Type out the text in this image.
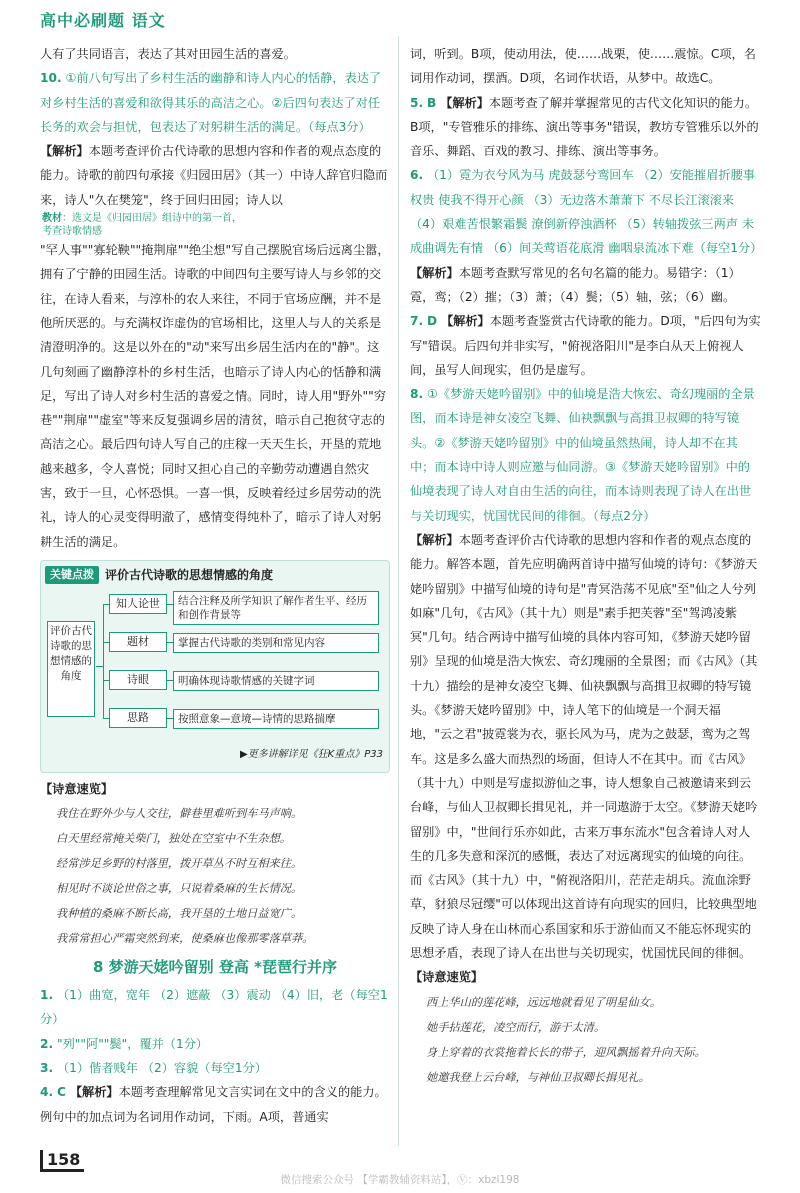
高中必刷题 语文

人有了共同语言，表达了其对田园生活的喜爱。

10. ①前八句写出了乡村生活的幽静和诗人内心的恬静，表达了对乡村生活的喜爱和欲得其乐的高洁之心。②后四句表达了对任长务的欢会与担忧，包表达了对躬耕生活的满足。（每点3分）

【解析】本题考查评价古代诗歌的思想内容和作者的观点态度的能力。诗歌的前四句承接《归园田居》（其一）中诗人辞官归隐而来，诗人"久在樊笼"，终于回归田园；诗人以

教材：选文是《归园田居》组诗中的第一首，考查诗歌情感

"罕人事""寡轮鞅""掩荆扉""绝尘想"写自己摆脱官场后远离尘嚣，拥有了宁静的田园生活。诗歌的中间四句主要写诗人与乡邻的交往，在诗人看来，与淳朴的农人来往，不同于官场应酬，并不是他所厌恶的。与充满权诈虚伪的官场相比，这里人与人的关系是清澄明净的。这是以外在的"动"来写出乡居生活内在的"静"。这几句刻画了幽静淳朴的乡村生活，也暗示了诗人内心的恬静和满足，写出了诗人对乡村生活的喜爱之情。同时，诗人用"野外""穷巷""荆扉""虚室"等来反复强调乡居的清贫，暗示自己抱贫守志的高洁之心。最后四句诗人写自己的庄稼一天天生长，开垦的荒地越来越多，令人喜悦；同时又担心自己的辛勤劳动遭遇自然灾害，致于一旦，心怀恐惧。一喜一惧，反映着经过乡居劳动的洗礼，诗人的心灵变得明澈了，感情变得纯朴了，暗示了诗人对躬耕生活的满足。

关键点拨 评价古代诗歌的思想情感的角度
评价古代诗歌的思想情感的角度
知人论世	结合注释及所学知识了解作者生平、经历和创作背景等
题材	掌握古代诗歌的类别和常见内容
诗眼	明确体现诗歌情感的关键字词
思路	按照意象—意境—诗情的思路揣摩
▶更多讲解详见《狂K重点》P33

【诗意速览】

我住在野外少与人交往，僻巷里难听到车马声响。
白天里经常掩关柴门，独处在空室中不生杂想。
经常涉足乡野的村落里，拨开草丛不时互相来往。
相见时不谈论世俗之事，只说着桑麻的生长情况。
我种植的桑麻不断长高，我开垦的土地日益宽广。
我常常担心严霜突然到来，使桑麻也像那零落草莽。
8 梦游天姥吟留别 登高 *琵琶行并序

1. （1）曲宽，宽年 （2）遮蔽 （3）震动 （4）旧，老（每空1分）

2. "列""阿""鬓"，覆并（1分）

3. （1）偕者贱年 （2）容貌（每空1分）

4. C 【解析】本题考查理解常见文言实词在文中的含义的能力。例句中的加点词为名词用作动词，下雨。A项，普通实

词，听到。B项，使动用法，使……战栗，使……震惊。C项，名词用作动词，摆酒。D项，名词作状语，从梦中。故选C。

5. B 【解析】本题考查了解并掌握常见的古代文化知识的能力。B项，"专管雅乐的排练、演出等事务"错误，教坊专管雅乐以外的音乐、舞蹈、百戏的教习、排练、演出等事务。

6. （1）霓为衣兮风为马 虎鼓瑟兮鸾回车 （2）安能摧眉折腰事权贵 使我不得开心颜 （3）无边落木萧萧下 不尽长江滚滚来 （4）艰难苦恨繁霜鬓 潦倒新停浊酒杯 （5）转轴拨弦三两声 未成曲调先有情 （6）间关莺语花底滑 幽咽泉流冰下难（每空1分）

【解析】本题考查默写常见的名句名篇的能力。易错字：（1）霓，鸾；（2）摧；（3）萧；（4）鬓；（5）轴，弦；（6）幽。

7. D 【解析】本题考查鉴赏古代诗歌的能力。D项，"后四句为实写"错误。后四句并非实写，"俯视洛阳川"是李白从天上俯视人间，虽写人间现实，但仍是虚写。

8. ①《梦游天姥吟留别》中的仙境是浩大恢宏、奇幻瑰丽的全景图，而本诗是神女凌空飞舞、仙袂飘飘与高揖卫叔卿的特写镜头。②《梦游天姥吟留别》中的仙境虽然热闹，诗人却不在其中；而本诗中诗人则应邀与仙同游。③《梦游天姥吟留别》中的仙境表现了诗人对自由生活的向往，而本诗则表现了诗人在出世与关切现实，忧国忧民间的徘徊。（每点2分）

【解析】本题考查评价古代诗歌的思想内容和作者的观点态度的能力。解答本题，首先应明确两首诗中描写仙境的诗句：《梦游天姥吟留别》中描写仙境的诗句是"青冥浩荡不见底"至"仙之人兮列如麻"几句，《古风》（其十九）则是"素手把芙蓉"至"驾鸿凌紫冥"几句。结合两诗中描写仙境的具体内容可知，《梦游天姥吟留别》呈现的仙境是浩大恢宏、奇幻瑰丽的全景图；而《古风》（其十九）描绘的是神女凌空飞舞、仙袂飘飘与高揖卫叔卿的特写镜头。《梦游天姥吟留别》中，诗人笔下的仙境是一个洞天福地，"云之君"披霓裳为衣，驱长风为马，虎为之鼓瑟，鸾为之驾车。这是多么盛大而热烈的场面，但诗人不在其中。而《古风》（其十九）中则是写虚拟游仙之事，诗人想象自己被邀请来到云台峰，与仙人卫叔卿长揖见礼，并一同遨游于太空。《梦游天姥吟留别》中，"世间行乐亦如此，古来万事东流水"包含着诗人对人生的几多失意和深沉的感慨，表达了对远离现实的仙境的向往。而《古风》（其十九）中，"俯视洛阳川，茫茫走胡兵。流血涂野草，豺狼尽冠缨"可以体现出这首诗有向现实的回归，比较典型地反映了诗人身在山林而心系国家和乐于游仙而又不能忘怀现实的思想矛盾，表现了诗人在出世与关切现实，忧国忧民间的徘徊。

【诗意速览】

西上华山的莲花峰，远远地就看见了明星仙女。
她手拈莲花，凌空而行，游于太清。
身上穿着的衣裳拖着长长的带子，迎风飘摇着升向天际。
她邀我登上云台峰，与神仙卫叔卿长揖见礼。
158
微信搜索公众号 【学霸教辅资料站】，Ⓥ：xbzl198
